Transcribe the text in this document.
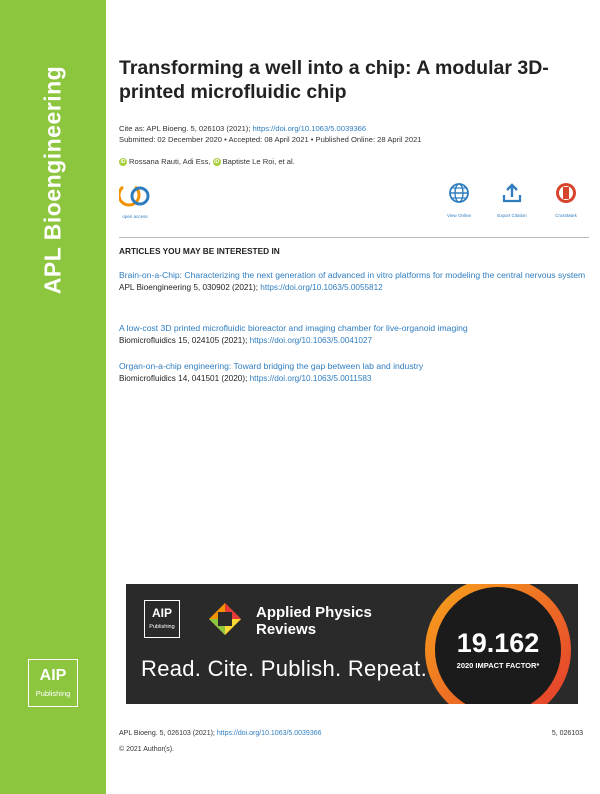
APL Bioengineering
AIP
Publishing
Transforming a well into a chip: A modular 3D-printed microfluidic chip
Cite as: APL Bioeng. 5, 026103 (2021); https://doi.org/10.1063/5.0039366
Submitted: 02 December 2020 • Accepted: 08 April 2021 • Published Online: 28 April 2021
iD Rossana Rauti, Adi Ess, iD Baptiste Le Roi, et al.
open access	View Online	Export Citation	CrossMark
ARTICLES YOU MAY BE INTERESTED IN
Brain-on-a-Chip: Characterizing the next generation of advanced in vitro platforms for modeling the central nervous system
APL Bioengineering 5, 030902 (2021); https://doi.org/10.1063/5.0055812
A low-cost 3D printed microfluidic bioreactor and imaging chamber for live-organoid imaging
Biomicrofluidics 15, 024105 (2021); https://doi.org/10.1063/5.0041027
Organ-on-a-chip engineering: Toward bridging the gap between lab and industry
Biomicrofluidics 14, 041501 (2020); https://doi.org/10.1063/5.0011583
AIP
Publishing
Applied Physics
Reviews
Read. Cite. Publish. Repeat.
19.162
2020 IMPACT FACTOR*
APL Bioeng. 5, 026103 (2021); https://doi.org/10.1063/5.0039366	5, 026103
© 2021 Author(s).
